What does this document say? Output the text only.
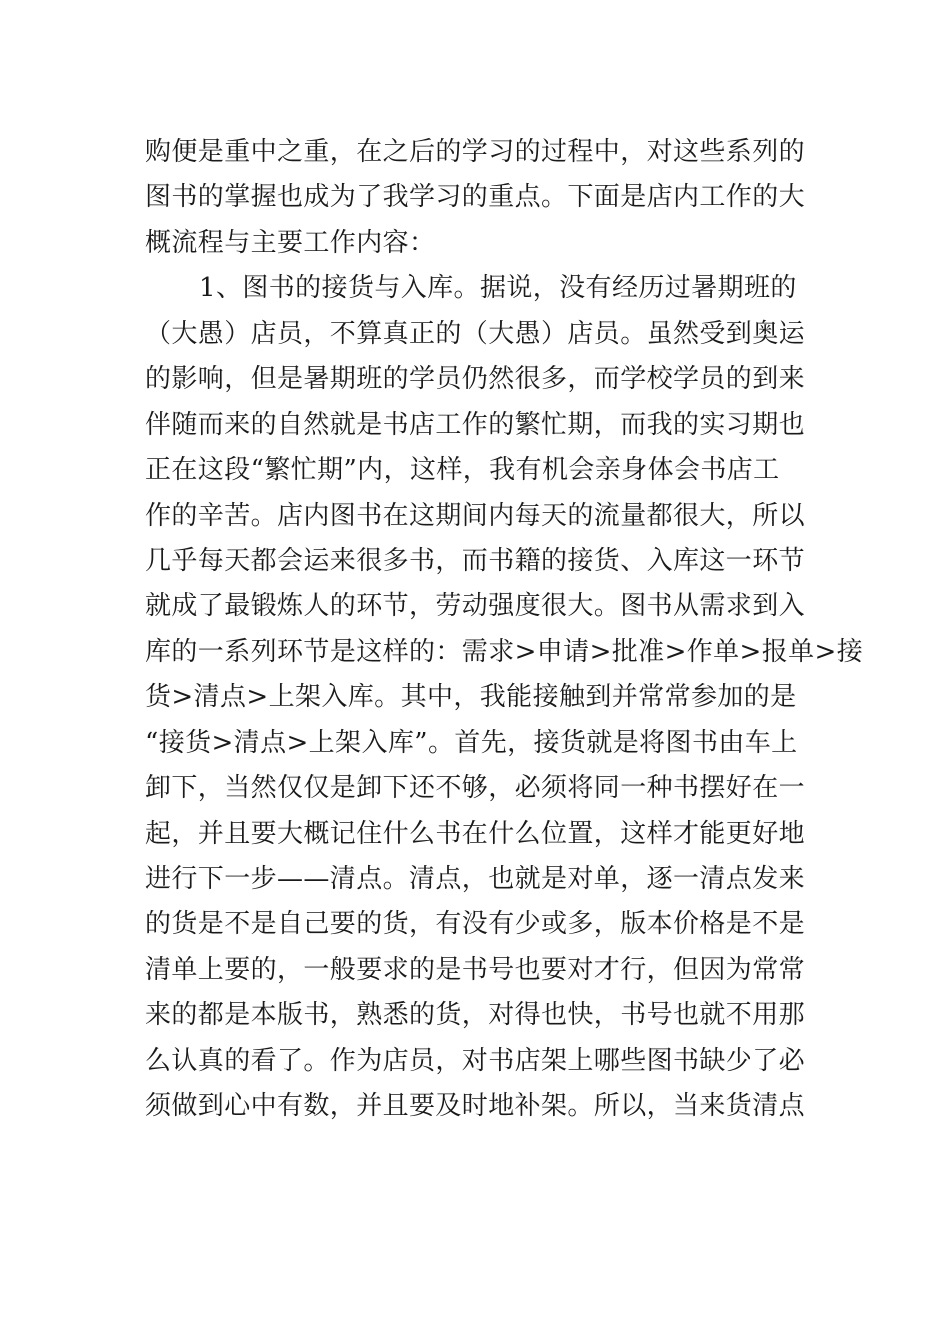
购便是重中之重，在之后的学习的过程中，对这些系列的
图书的掌握也成为了我学习的重点。下面是店内工作的大
概流程与主要工作内容：
1、图书的接货与入库。据说，没有经历过暑期班的
（大愚）店员，不算真正的（大愚）店员。虽然受到奥运
的影响，但是暑期班的学员仍然很多，而学校学员的到来
伴随而来的自然就是书店工作的繁忙期，而我的实习期也
正在这段“繁忙期”内，这样，我有机会亲身体会书店工
作的辛苦。店内图书在这期间内每天的流量都很大，所以
几乎每天都会运来很多书，而书籍的接货、入库这一环节
就成了最锻炼人的环节，劳动强度很大。图书从需求到入
库的一系列环节是这样的：需求>申请>批准>作单>报单>接
货>清点>上架入库。其中，我能接触到并常常参加的是
“接货>清点>上架入库”。首先，接货就是将图书由车上
卸下，当然仅仅是卸下还不够，必须将同一种书摆好在一
起，并且要大概记住什么书在什么位置，这样才能更好地
进行下一步——清点。清点，也就是对单，逐一清点发来
的货是不是自己要的货，有没有少或多，版本价格是不是
清单上要的，一般要求的是书号也要对才行，但因为常常
来的都是本版书，熟悉的货，对得也快，书号也就不用那
么认真的看了。作为店员，对书店架上哪些图书缺少了必
须做到心中有数，并且要及时地补架。所以，当来货清点
